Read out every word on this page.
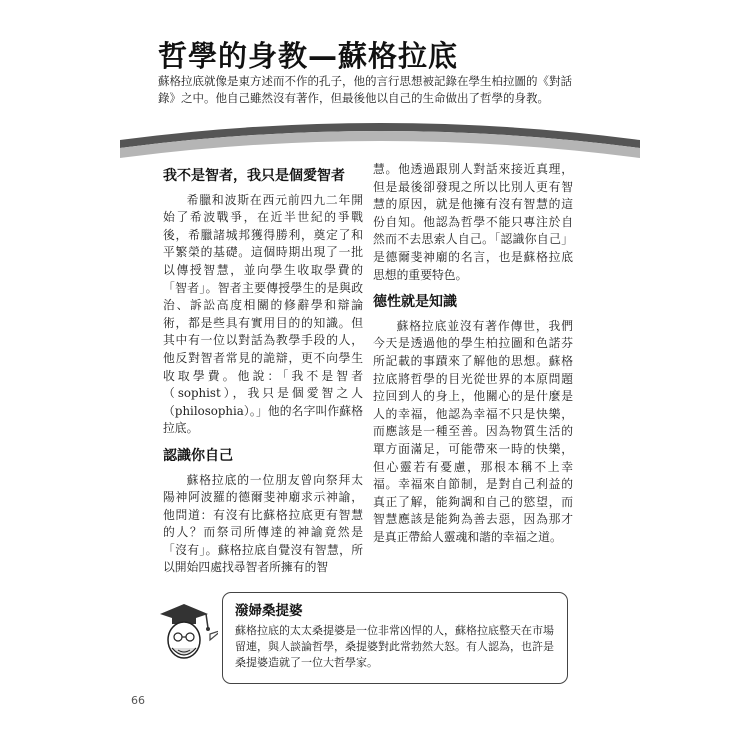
哲學的身教—蘇格拉底
蘇格拉底就像是東方述而不作的孔子，他的言行思想被記錄在學生柏拉圖的《對話錄》之中。他自己雖然沒有著作，但最後他以自己的生命做出了哲學的身教。
我不是智者，我只是個愛智者

希臘和波斯在西元前四九二年開始了希波戰爭，在近半世紀的爭戰後，希臘諸城邦獲得勝利，奠定了和平繁榮的基礎。這個時期出現了一批以傳授智慧，並向學生收取學費的「智者」。智者主要傳授學生的是與政治、訴訟高度相關的修辭學和辯論術，都是些具有實用目的的知識。但其中有一位以對話為教學手段的人，他反對智者常見的詭辯，更不向學生收取學費。他說：「我不是智者（sophist），我只是個愛智之人（philosophia）。」他的名字叫作蘇格拉底。

認識你自己

蘇格拉底的一位朋友曾向祭拜太陽神阿波羅的德爾斐神廟求示神諭，他問道：有沒有比蘇格拉底更有智慧的人？而祭司所傳達的神諭竟然是「沒有」。蘇格拉底自覺沒有智慧，所以開始四處找尋智者所擁有的智

慧。他透過跟別人對話來接近真理，但是最後卻發現之所以比別人更有智慧的原因，就是他擁有沒有智慧的這份自知。他認為哲學不能只專注於自然而不去思索人自己。「認識你自己」是德爾斐神廟的名言，也是蘇格拉底思想的重要特色。

德性就是知識

蘇格拉底並沒有著作傳世，我們今天是透過他的學生柏拉圖和色諾芬所記載的事蹟來了解他的思想。蘇格拉底將哲學的目光從世界的本原問題拉回到人的身上，他關心的是什麼是人的幸福，他認為幸福不只是快樂，而應該是一種至善。因為物質生活的單方面滿足，可能帶來一時的快樂，但心靈若有憂慮，那根本稱不上幸福。幸福來自節制，是對自己利益的真正了解，能夠調和自己的慾望，而智慧應該是能夠為善去惡，因為那才是真正帶給人靈魂和諧的幸福之道。

潑婦桑提婆
蘇格拉底的太太桑提婆是一位非常凶悍的人，蘇格拉底整天在市場留連，與人談論哲學，桑提婆對此常勃然大怒。有人認為，也許是桑提婆造就了一位大哲學家。
66
